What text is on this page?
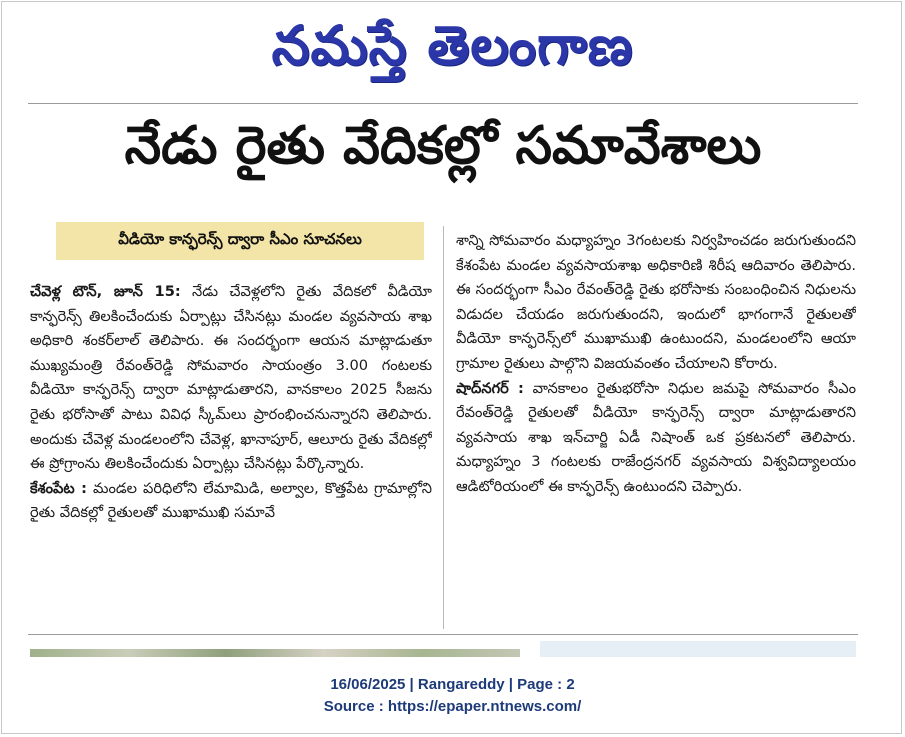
నమస్తే తెలంగాణ
నేడు రైతు వేదికల్లో సమావేశాలు
వీడియో కాన్ఫరెన్స్ ద్వారా సీఎం సూచనలు

చేవెళ్ల టౌన్, జూన్ 15: నేడు చేవెళ్లలోని రైతు వేదికలో వీడియో కాన్ఫరెన్స్ తిలకించేందుకు ఏర్పాట్లు చేసినట్లు మండల వ్యవసాయ శాఖ అధికారి శంకర్‌లాల్ తెలిపారు. ఈ సందర్భంగా ఆయన మాట్లాడుతూ ముఖ్యమంత్రి రేవంత్‌రెడ్డి సోమవారం సాయంత్రం 3.00 గంటలకు వీడియో కాన్ఫరెన్స్ ద్వారా మాట్లాడుతారని, వానకాలం 2025 సీజను రైతు భరోసాతో పాటు వివిధ స్కీమ్‌లు ప్రారంభించనున్నారని తెలిపారు. అందుకు చేవెళ్ల మండలంలోని చేవెళ్ల, ఖానాపూర్, ఆలూరు రైతు వేదికల్లో ఈ ప్రోగ్రాంను తిలకించేందుకు ఏర్పాట్లు చేసినట్లు పేర్కొన్నారు.

కేశంపేట : మండల పరిధిలోని లేమామిడి, అల్వాల, కొత్తపేట గ్రామాల్లోని రైతు వేదికల్లో రైతులతో ముఖాముఖి సమావే

శాన్ని సోమవారం మధ్యాహ్నం 3గంటలకు నిర్వహించడం జరుగుతుందని కేశంపేట మండల వ్యవసాయశాఖ అధికారిణి శిరీష ఆదివారం తెలిపారు. ఈ సందర్భంగా సీఎం రేవంత్‌రెడ్డి రైతు భరోసాకు సంబంధించిన నిధులను విడుదల చేయడం జరుగుతుందని, ఇందులో భాగంగానే రైతులతో వీడియో కాన్ఫరెన్స్‌లో ముఖాముఖి ఉంటుందని, మండలంలోని ఆయా గ్రామాల రైతులు పాల్గొని విజయవంతం చేయాలని కోరారు.

షాద్‌నగర్ : వానకాలం రైతుభరోసా నిధుల జమపై సోమవారం సీఎం రేవంత్‌రెడ్డి రైతులతో వీడియో కాన్ఫరెన్స్ ద్వారా మాట్లాడుతారని వ్యవసాయ శాఖ ఇన్‌చార్జి ఏడీ నిషాంత్ ఒక ప్రకటనలో తెలిపారు. మధ్యాహ్నం 3 గంటలకు రాజేంద్రనగర్ వ్యవసాయ విశ్వవిద్యాలయం ఆడిటోరియంలో ఈ కాన్ఫరెన్స్ ఉంటుందని చెప్పారు.

16/06/2025 | Rangareddy | Page : 2
Source : https://epaper.ntnews.com/
